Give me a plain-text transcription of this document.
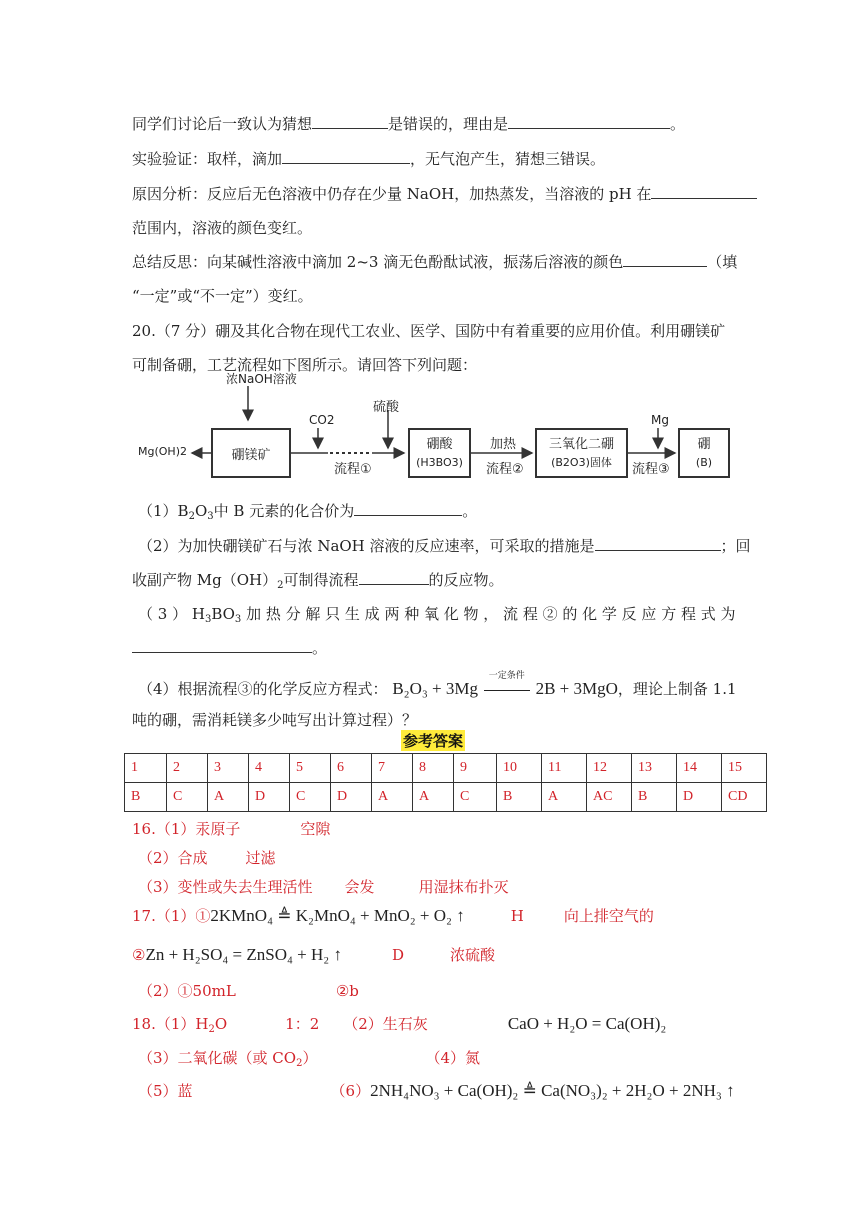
同学们讨论后一致认为猜想	是错误的，理由是	。
实验验证：取样，滴加	，无气泡产生，猜想三错误。
原因分析：反应后无色溶液中仍存在少量 NaOH，加热蒸发，当溶液的 pH 在
范围内，溶液的颜色变红。
总结反思：向某碱性溶液中滴加 2~3 滴无色酚酞试液，振荡后溶液的颜色	（填
“一定”或“不一定”）变红。
20.（7 分）硼及其化合物在现代工农业、医学、国防中有着重要的应用价值。利用硼镁矿
可制备硼，工艺流程如下图所示。请回答下列问题：
浓NaOH溶液
CO2
硫酸
Mg
Mg(OH)2	硼镁矿
流程①
硼酸
(H3BO3)
加热
流程②
三氧化二硼
(B2O3)固体	流程③
硼
(B)
$(1)B_2O_3$中 B 元素的化合价为	。
（2）为加快硼镁矿石与浓 NaOH 溶液的反应速率，可采取的措施是	；回
收副产物 $Mg(OH)_2$可制得流程	的反应物。
（ 3 ） $H_3BO_3$ 加 热 分 解 只 生 成 两 种 氧 化 物 ， 流 程 ② 的 化 学 反 应 方 程 式 为
。
（4）根据流程③的化学反应方程式： B₂O₃ + 3Mg
一定条件
2B + 3MgO，理论上制备 1.1
吨的硼，需消耗镁多少吨写出计算过程）？
参考答案
1	2	3	4	5	6	7	8	9	10	11	12	13	14	15
B	C	A	D	C	D	A	A	C	B	A	AC	B	D	CD
16.（1）汞原子	空隙
（2）合成	过滤
（3）变性或失去生理活性 会发	用湿抹布扑灭
17.（1）①2KMnO₄ ≜ K₂MnO₄ + MnO₂ + O₂ ↑	H	向上排空气的
②Zn + H₂SO₄ = ZnSO₄ + H₂ ↑	D	浓硫酸
（2）①50mL	②b
$18.(1)H_2O$	1：2 （2）生石灰	CaO + H₂O = Ca(OH)₂
（3）二氧化碳（或 $CO_2$）	（4）氮
（5）蓝	（6）2NH₄NO₃ + Ca(OH)₂ ≜ Ca(NO₃)₂ + 2H₂O + 2NH₃ ↑
